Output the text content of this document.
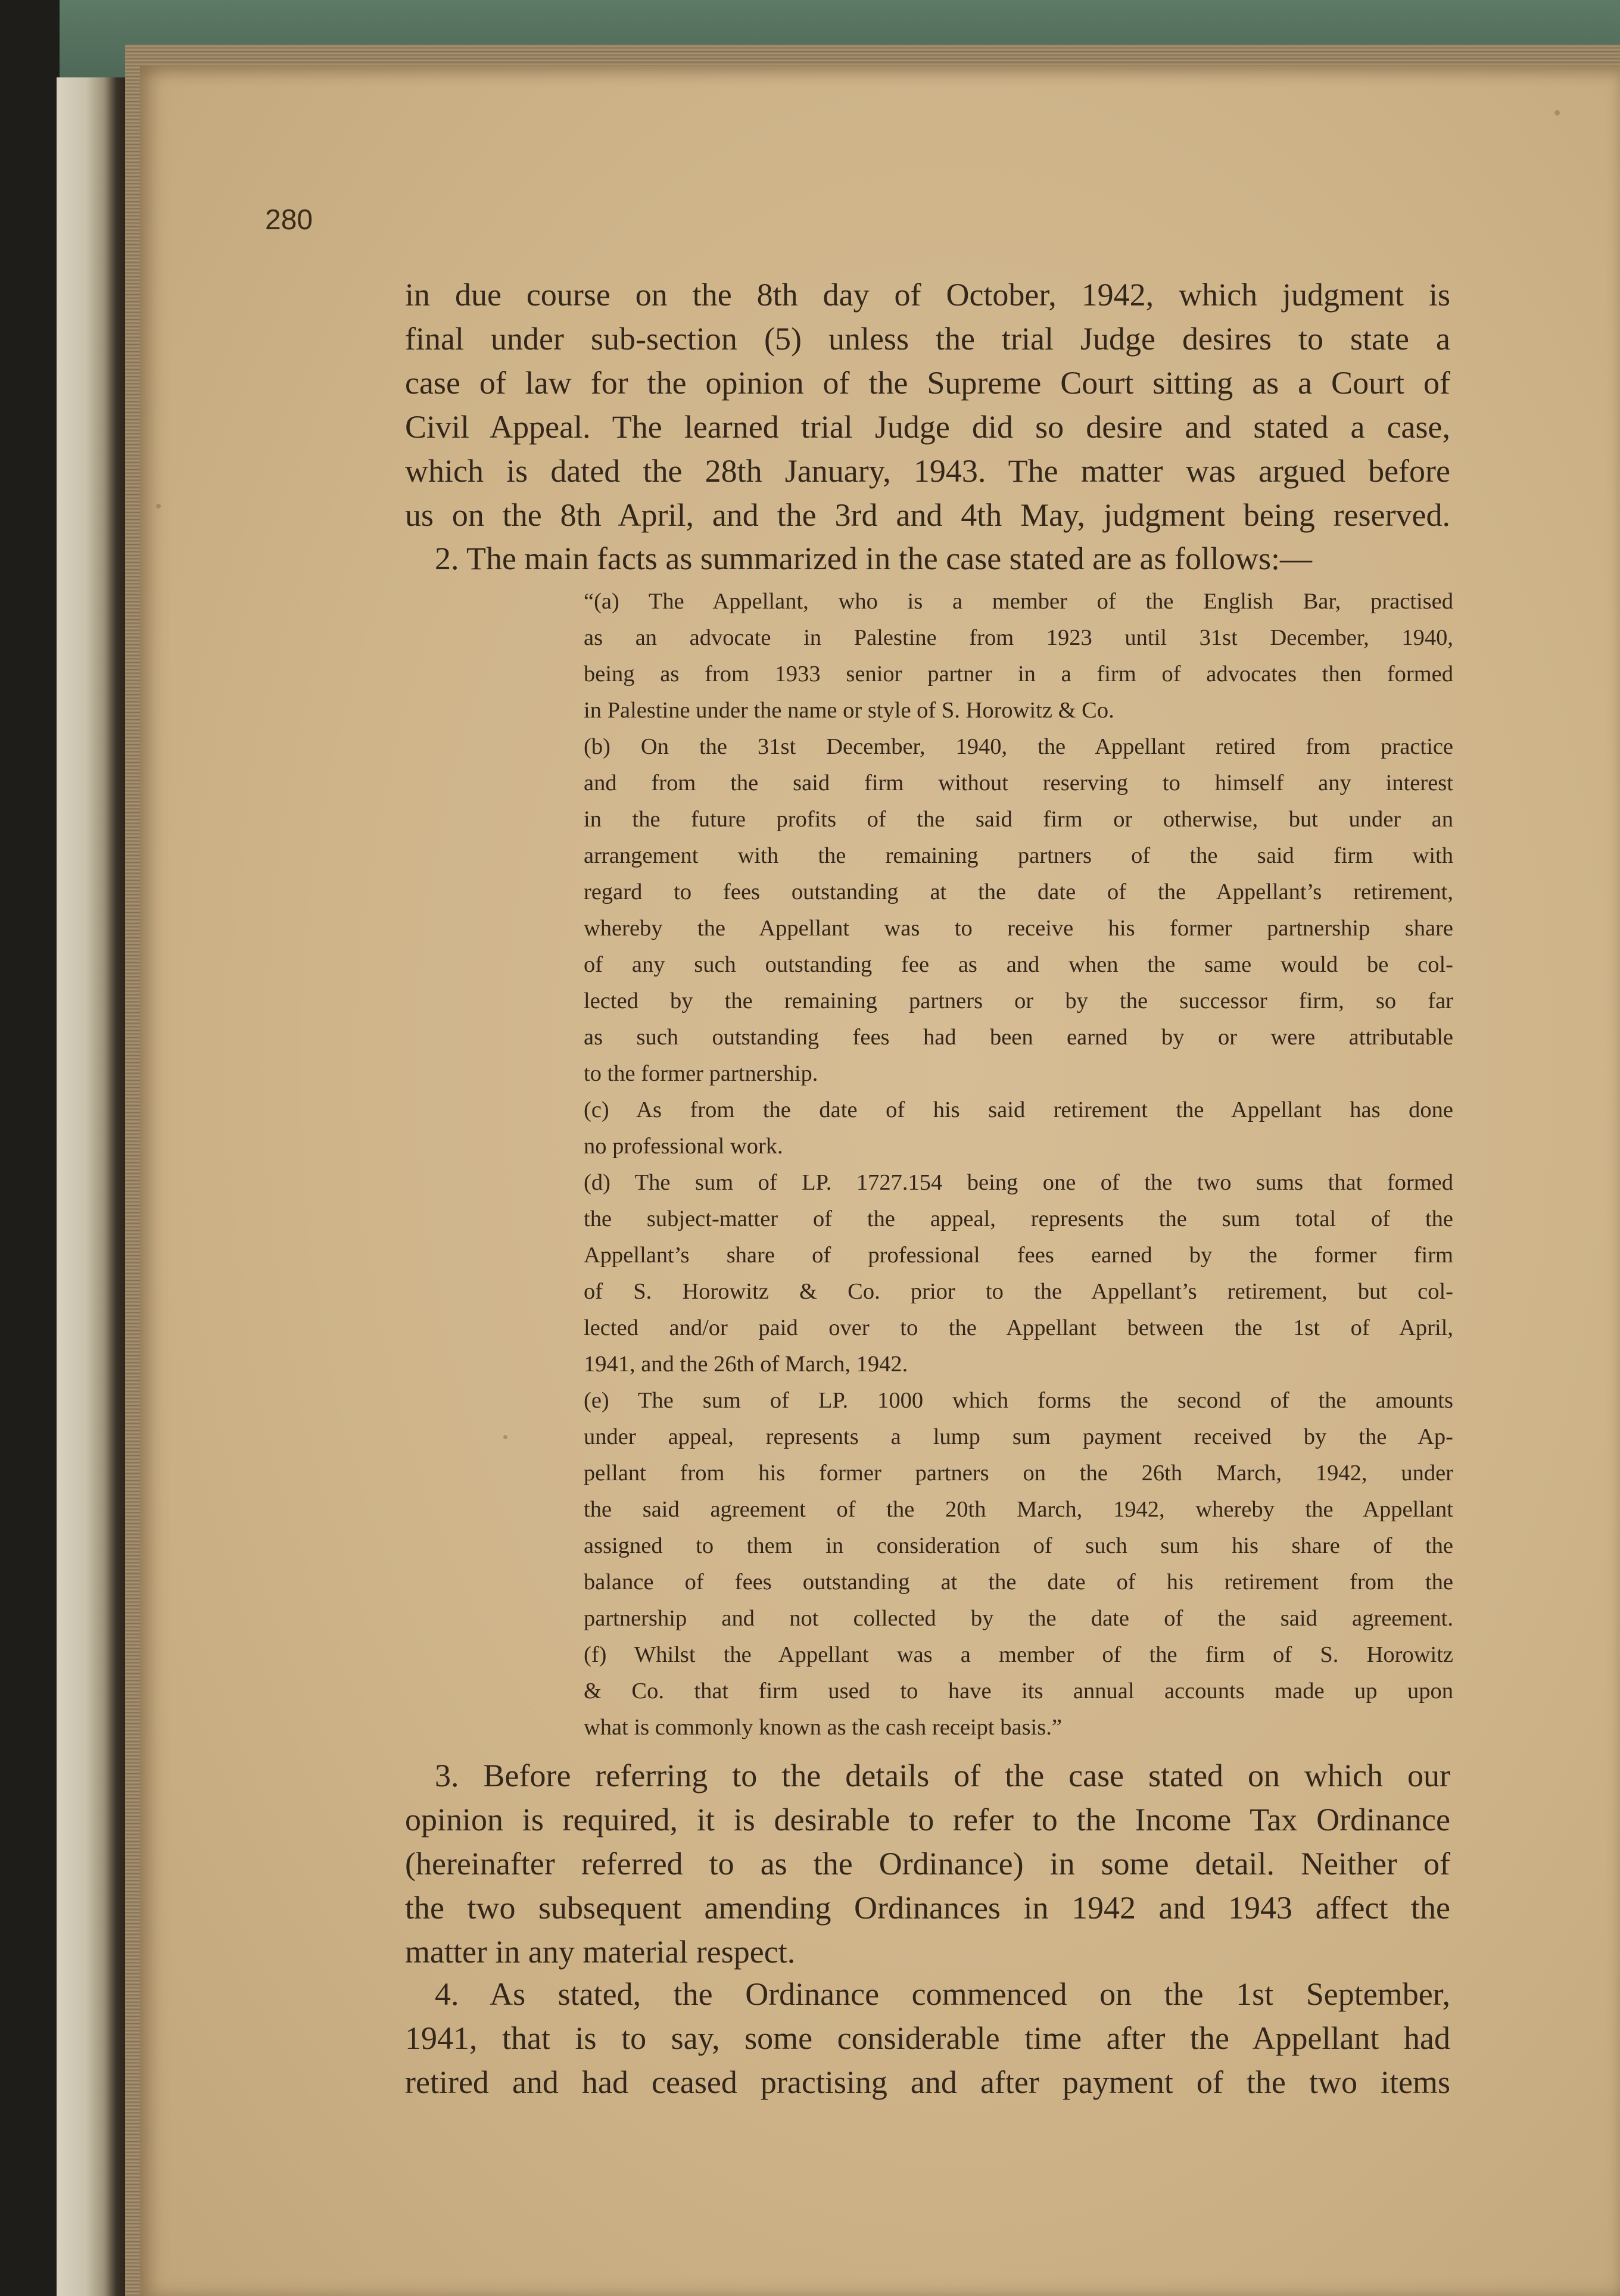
280
in due course on the 8th day of October, 1942, which judgment is
final under sub-section (5) unless the trial Judge desires to state a
case of law for the opinion of the Supreme Court sitting as a Court of
Civil Appeal. The learned trial Judge did so desire and stated a case,
which is dated the 28th January, 1943. The matter was argued before
us on the 8th April, and the 3rd and 4th May, judgment being reserved.
2. The main facts as summarized in the case stated are as follows:—
“(a) The Appellant, who is a member of the English Bar, practised
as an advocate in Palestine from 1923 until 31st December, 1940,
being as from 1933 senior partner in a firm of advocates then formed
in Palestine under the name or style of S. Horowitz & Co.
(b) On the 31st December, 1940, the Appellant retired from practice
and from the said firm without reserving to himself any interest
in the future profits of the said firm or otherwise, but under an
arrangement with the remaining partners of the said firm with
regard to fees outstanding at the date of the Appellant’s retirement,
whereby the Appellant was to receive his former partnership share
of any such outstanding fee as and when the same would be col-
lected by the remaining partners or by the successor firm, so far
as such outstanding fees had been earned by or were attributable
to the former partnership.
(c) As from the date of his said retirement the Appellant has done
no professional work.
(d) The sum of LP. 1727.154 being one of the two sums that formed
the subject-matter of the appeal, represents the sum total of the
Appellant’s share of professional fees earned by the former firm
of S. Horowitz & Co. prior to the Appellant’s retirement, but col-
lected and/or paid over to the Appellant between the 1st of April,
1941, and the 26th of March, 1942.
(e) The sum of LP. 1000 which forms the second of the amounts
under appeal, represents a lump sum payment received by the Ap-
pellant from his former partners on the 26th March, 1942, under
the said agreement of the 20th March, 1942, whereby the Appellant
assigned to them in consideration of such sum his share of the
balance of fees outstanding at the date of his retirement from the
partnership and not collected by the date of the said agreement.
(f) Whilst the Appellant was a member of the firm of S. Horowitz
& Co. that firm used to have its annual accounts made up upon
what is commonly known as the cash receipt basis.”
3. Before referring to the details of the case stated on which our
opinion is required, it is desirable to refer to the Income Tax Ordinance
(hereinafter referred to as the Ordinance) in some detail. Neither of
the two subsequent amending Ordinances in 1942 and 1943 affect the
matter in any material respect.
4. As stated, the Ordinance commenced on the 1st September,
1941, that is to say, some considerable time after the Appellant had
retired and had ceased practising and after payment of the two items
